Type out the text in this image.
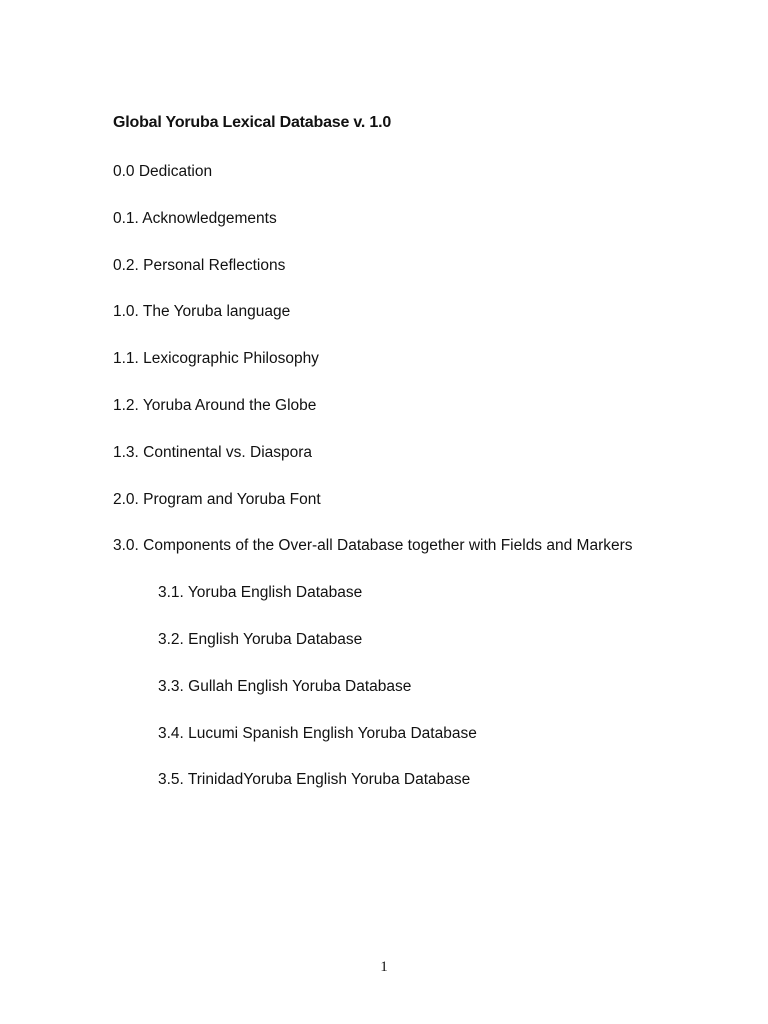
Global Yoruba Lexical Database v. 1.0
0.0 Dedication
0.1. Acknowledgements
0.2. Personal Reflections
1.0. The Yoruba language
1.1. Lexicographic Philosophy
1.2. Yoruba Around the Globe
1.3. Continental vs. Diaspora
2.0. Program and Yoruba Font
3.0. Components of the Over-all Database together with Fields and Markers
3.1. Yoruba English Database
3.2. English Yoruba Database
3.3. Gullah English Yoruba Database
3.4. Lucumi Spanish English Yoruba Database
3.5. TrinidadYoruba English Yoruba Database
1
